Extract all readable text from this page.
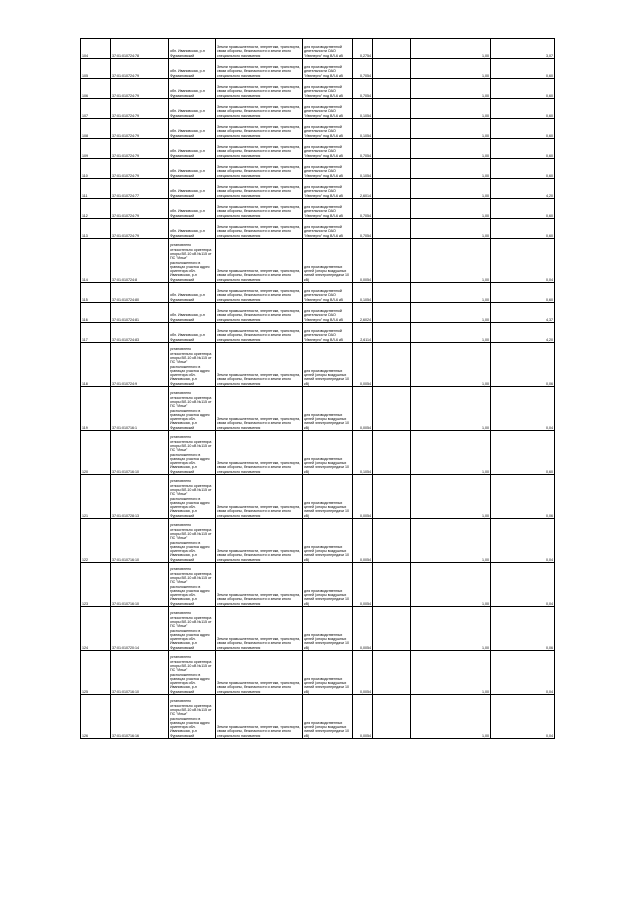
104	37:01:010724:78	обл. Ивановская, р-н Фурмановский	Земли промышленности, энергетики, транспорта, связи обороны, безопасности и земли иного специального назначения	для производственной деятельности ОАО "Ивэнерго" под ВЛ-6 кВ	0,2754		1,00	3,07
105	37:01:010724:79	обл. Ивановская, р-н Фурмановский	Земли промышленности, энергетики, транспорта, связи обороны, безопасности и земли иного специального назначения	для производственной деятельности ОАО "Ивэнерго" под ВЛ-6 кВ	0,7054		1,00	0,60
106	37:01:010724:79	обл. Ивановская, р-н Фурмановский	Земли промышленности, энергетики, транспорта, связи обороны, безопасности и земли иного специального назначения	для производственной деятельности ОАО "Ивэнерго" под ВЛ-6 кВ	0,7054		1,00	0,60
107	37:01:010724:79	обл. Ивановская, р-н Фурмановский	Земли промышленности, энергетики, транспорта, связи обороны, безопасности и земли иного специального назначения	для производственной деятельности ОАО "Ивэнерго" под ВЛ-6 кВ	0,1054		1,00	0,60
108	37:01:010724:79	обл. Ивановская, р-н Фурмановский	Земли промышленности, энергетики, транспорта, связи обороны, безопасности и земли иного специального назначения	для производственной деятельности ОАО "Ивэнерго" под ВЛ-6 кВ	0,1054		1,00	0,60
109	37:01:010724:79	обл. Ивановская, р-н Фурмановский	Земли промышленности, энергетики, транспорта, связи обороны, безопасности и земли иного специального назначения	для производственной деятельности ОАО "Ивэнерго" под ВЛ-6 кВ	0,7054		1,00	0,60
110	37:01:010724:79	обл. Ивановская, р-н Фурмановский	Земли промышленности, энергетики, транспорта, связи обороны, безопасности и земли иного специального назначения	для производственной деятельности ОАО "Ивэнерго" под ВЛ-6 кВ	0,1054		1,00	0,60
111	37:01:010724:77	обл. Ивановская, р-н Фурмановский	Земли промышленности, энергетики, транспорта, связи обороны, безопасности и земли иного специального назначения	для производственной деятельности ОАО "Ивэнерго" под ВЛ-6 кВ	2,6014		1,00	4,20
112	37:01:010724:79	обл. Ивановская, р-н Фурмановский	Земли промышленности, энергетики, транспорта, связи обороны, безопасности и земли иного специального назначения	для производственной деятельности ОАО "Ивэнерго" под ВЛ-6 кВ	0,7054		1,00	0,60
113	37:01:010724:79	обл. Ивановская, р-н Фурмановский	Земли промышленности, энергетики, транспорта, связи обороны, безопасности и земли иного специального назначения	для производственной деятельности ОАО "Ивэнерго" под ВЛ-6 кВ	0,7054		1,00	0,60
114	37:01:010724:8	установлено относительно ориентира опоры ВЛ-10 кВ №115 от ПС "Ильи" расположенного в границах участка адрес ориентира обл. Ивановская, р-н Фурмановский	Земли промышленности, энергетики, транспорта, связи обороны, безопасности и земли иного специального назначения	для производственных целей (опоры воздушных линий электропередачи 10 кВ)	0,0054		1,00	0,04
115	37:01:010724:80	обл. Ивановская, р-н Фурмановский	Земли промышленности, энергетики, транспорта, связи обороны, безопасности и земли иного специального назначения	для производственной деятельности ОАО "Ивэнерго" под ВЛ-6 кВ	0,1054		1,00	0,60
116	37:01:010724:81	обл. Ивановская, р-н Фурмановский	Земли промышленности, энергетики, транспорта, связи обороны, безопасности и земли иного специального назначения	для производственной деятельности ОАО "Ивэнерго" под ВЛ-6 кВ	2,6024		1,00	4,37
117	37:01:010724:83	обл. Ивановская, р-н Фурмановский	Земли промышленности, энергетики, транспорта, связи обороны, безопасности и земли иного специального назначения	для производственной деятельности ОАО "Ивэнерго" под ВЛ-6 кВ	2,6114		1,00	4,20
118	37:01:010724:9	установлено относительно ориентира опоры ВЛ-10 кВ №115 от ПС "Ильи" расположенного в границах участка адрес ориентира обл. Ивановская, р-н Фурмановский	Земли промышленности, энергетики, транспорта, связи обороны, безопасности и земли иного специального назначения	для производственных целей (опоры воздушных линий электропередачи 10 кВ)	0,0054		1,00	0,06
119	37:01:010716:1	установлено относительно ориентира опоры ВЛ-10 кВ №115 от ПС "Ильи" расположенного в границах участка адрес ориентира обл. Ивановская, р-н Фурмановский	Земли промышленности, энергетики, транспорта, связи обороны, безопасности и земли иного специального назначения	для производственных целей (опоры воздушных линий электропередачи 10 кВ)	0,0054		1,00	0,04
120	37:01:010716:10	установлено относительно ориентира опоры ВЛ-10 кВ №115 от ПС "Ильи" расположенного в границах участка адрес ориентира обл. Ивановская, р-н Фурмановский	Земли промышленности, энергетики, транспорта, связи обороны, безопасности и земли иного специального назначения	для производственных целей (опоры воздушных линий электропередачи 10 кВ)	0,1054		1,00	0,60
121	37:01:010728:13	установлено относительно ориентира опоры ВЛ-10 кВ №115 от ПС "Ильи" расположенного в границах участка адрес ориентира обл. Ивановская, р-н Фурмановский	Земли промышленности, энергетики, транспорта, связи обороны, безопасности и земли иного специального назначения	для производственных целей (опоры воздушных линий электропередачи 10 кВ)	0,0054		1,00	0,06
122	37:01:010716:10	установлено относительно ориентира опоры ВЛ-10 кВ №115 от ПС "Ильи" расположенного в границах участка адрес ориентира обл. Ивановская, р-н Фурмановский	Земли промышленности, энергетики, транспорта, связи обороны, безопасности и земли иного специального назначения	для производственных целей (опоры воздушных линий электропередачи 10 кВ)	0,0054		1,00	0,04
123	37:01:010716:10	установлено относительно ориентира опоры ВЛ-10 кВ №115 от ПС "Ильи" расположенного в границах участка адрес ориентира обл. Ивановская, р-н Фурмановский	Земли промышленности, энергетики, транспорта, связи обороны, безопасности и земли иного специального назначения	для производственных целей (опоры воздушных линий электропередачи 10 кВ)	0,0054		1,00	0,04
124	37:01:010720:14	установлено относительно ориентира опоры ВЛ-10 кВ №115 от ПС "Ильи" расположенного в границах участка адрес ориентира обл. Ивановская, р-н Фурмановский	Земли промышленности, энергетики, транспорта, связи обороны, безопасности и земли иного специального назначения	для производственных целей (опоры воздушных линий электропередачи 10 кВ)	0,0054		1,00	0,06
125	37:01:010716:10	установлено относительно ориентира опоры ВЛ-10 кВ №115 от ПС "Ильи" расположенного в границах участка адрес ориентира обл. Ивановская, р-н Фурмановский	Земли промышленности, энергетики, транспорта, связи обороны, безопасности и земли иного специального назначения	для производственных целей (опоры воздушных линий электропередачи 10 кВ)	0,0054		1,00	0,04
126	37:01:010716:16	установлено относительно ориентира опоры ВЛ-10 кВ №115 от ПС "Ильи" расположенного в границах участка адрес ориентира обл. Ивановская, р-н Фурмановский	Земли промышленности, энергетики, транспорта, связи обороны, безопасности и земли иного специального назначения	для производственных целей (опоры воздушных линий электропередачи 10 кВ)	0,0054		1,00	0,04
